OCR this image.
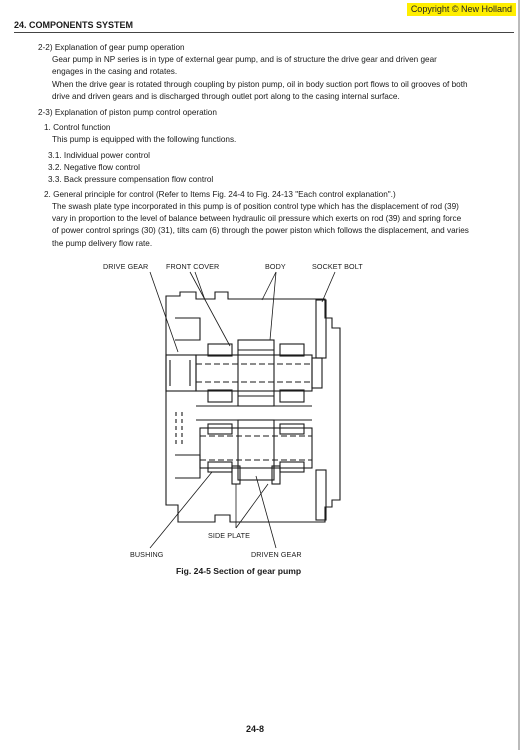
Copyright © New Holland
24. COMPONENTS SYSTEM
2-2) Explanation of gear pump operation
Gear pump in NP series is in type of external gear pump, and is of structure the drive gear and driven gear engages in the casing and rotates.
When the drive gear is rotated through coupling by piston pump, oil in body suction port flows to oil grooves of both drive and driven gears and is discharged through outlet port along to the casing internal surface.
2-3) Explanation of piston pump control operation
1. Control function
This pump is equipped with the following functions.
3.1. Individual power control
3.2. Negative flow control
3.3. Back pressure compensation flow control
2. General principle for control (Refer to Items Fig. 24-4 to Fig. 24-13 "Each control explanation".)
The swash plate type incorporated in this pump is of position control type which has the displacement of rod (39) vary in proportion to the level of balance between hydraulic oil pressure which exerts on rod (39) and spring force of power control springs (30) (31), tilts cam (6) through the power piston which follows the displacement, and varies the pump delivery flow rate.
DRIVE GEAR FRONT COVER	BODY	SOCKET BOLT
SIDE PLATE
BUSHING	DRIVEN GEAR
Fig. 24-5 Section of gear pump
24-8
